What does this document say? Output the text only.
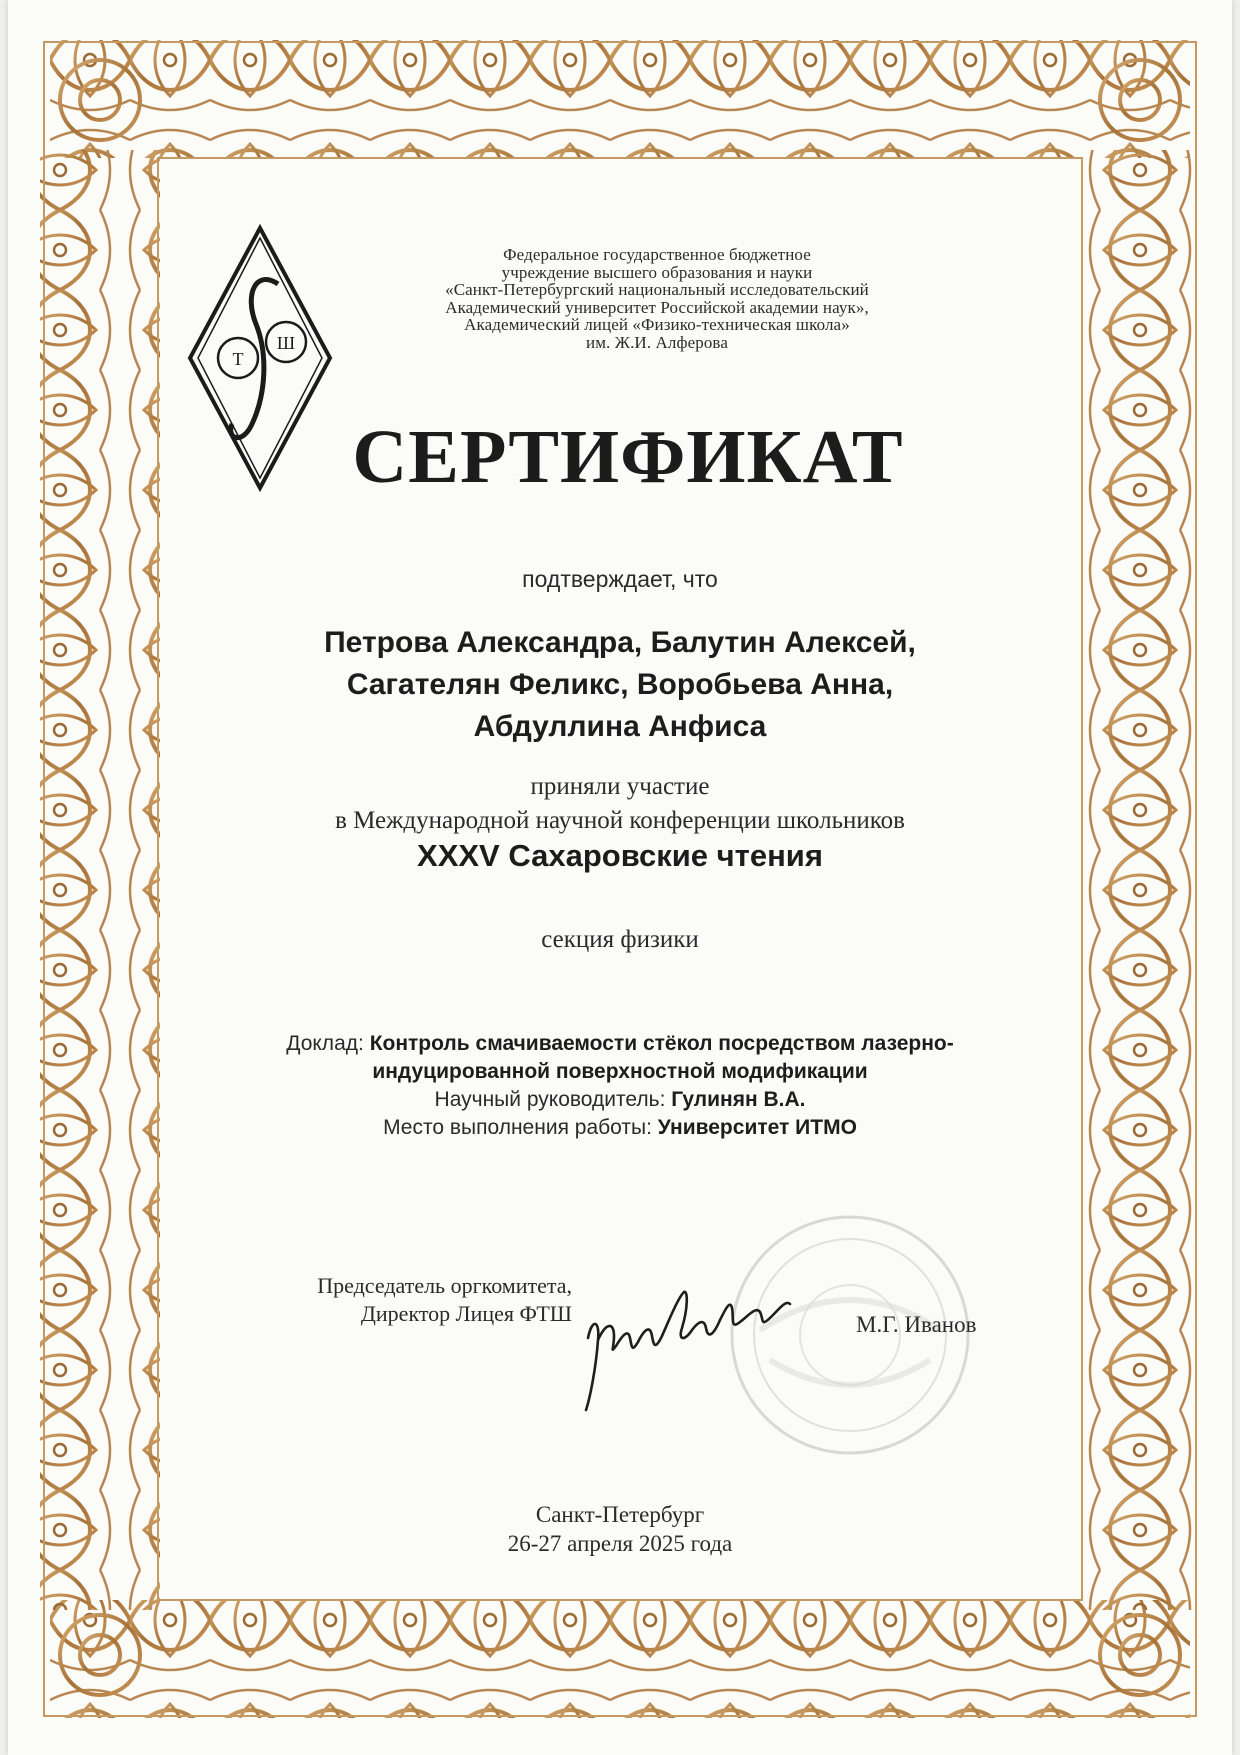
Т
Ш
Федеральное государственное бюджетное
учреждение высшего образования и науки
«Санкт-Петербургский национальный исследовательский
Академический университет Российской академии наук»,
Академический лицей «Физико-техническая школа»
им. Ж.И. Алферова
СЕРТИФИКАТ
подтверждает, что
Петрова Александра, Балутин Алексей,
Сагателян Феликс, Воробьева Анна,
Абдуллина Анфиса
приняли участие
в Международной научной конференции школьников
XXXV Сахаровские чтения
секция физики
Доклад: Контроль смачиваемости стёкол посредством лазерно-
индуцированной поверхностной модификации
Научный руководитель: Гулинян В.А.
Место выполнения работы: Университет ИТМО
Председатель оргкомитета,
Директор Лицея ФТШ	М.Г. Иванов
Санкт-Петербург
26-27 апреля 2025 года
